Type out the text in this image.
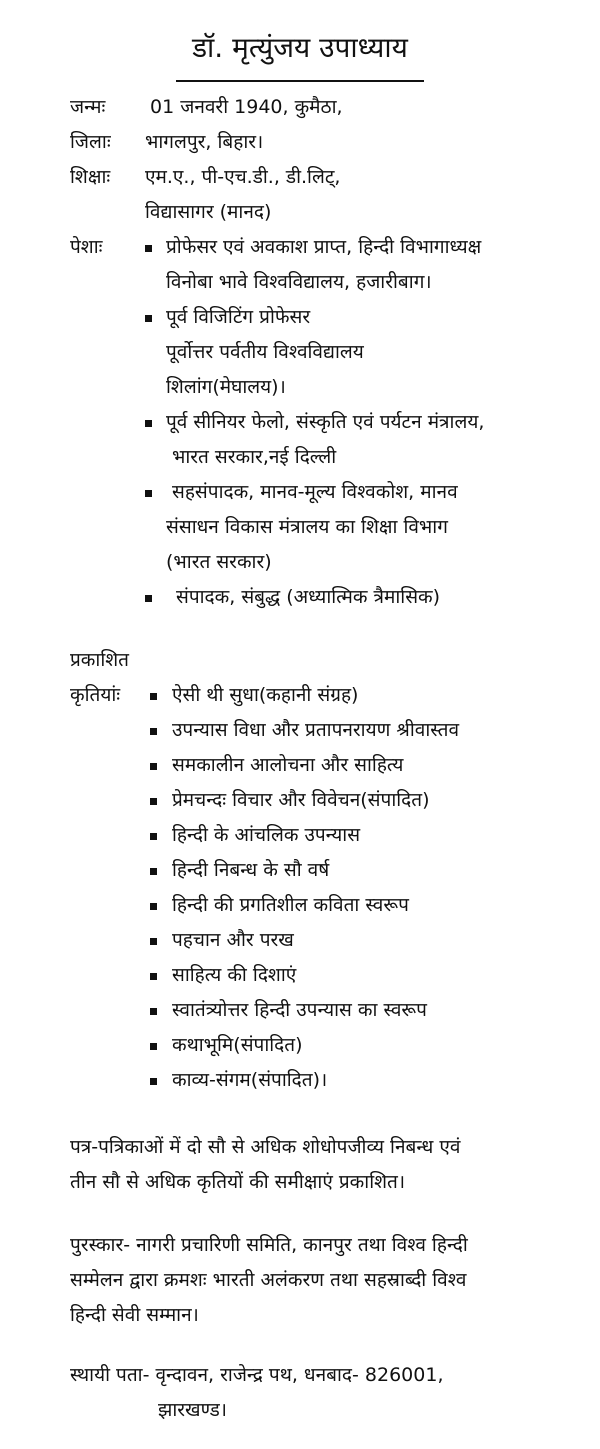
डॉ. मृत्युंजय उपाध्याय
जन्मः 01 जनवरी 1940, कुमैठा,
जिलाः भागलपुर, बिहार।
शिक्षाः एम.ए., पी-एच.डी., डी.लिट्,
विद्यासागर (मानद)
पेशाः	प्रोफेसर एवं अवकाश प्राप्त, हिन्दी विभागाध्यक्ष
विनोबा भावे विश्वविद्यालय, हजारीबाग।
पूर्व विजिटिंग प्रोफेसर
पूर्वोत्तर पर्वतीय विश्वविद्यालय
शिलांग(मेघालय)।
पूर्व सीनियर फेलो, संस्कृति एवं पर्यटन मंत्रालय,
भारत सरकार,नई दिल्ली
सहसंपादक, मानव-मूल्य विश्वकोश, मानव
संसाधन विकास मंत्रालय का शिक्षा विभाग
(भारत सरकार)
संपादक, संबुद्ध (अध्यात्मिक त्रैमासिक)
प्रकाशित
कृतियांः	ऐसी थी सुधा(कहानी संग्रह)
उपन्यास विधा और प्रतापनरायण श्रीवास्तव
समकालीन आलोचना और साहित्य
प्रेमचन्दः विचार और विवेचन(संपादित)
हिन्दी के आंचलिक उपन्यास
हिन्दी निबन्ध के सौ वर्ष
हिन्दी की प्रगतिशील कविता स्वरूप
पहचान और परख
साहित्य की दिशाएं
स्वातंत्र्योत्तर हिन्दी उपन्यास का स्वरूप
कथाभूमि(संपादित)
काव्य-संगम(संपादित)।
पत्र-पत्रिकाओं में दो सौ से अधिक शोधोपजीव्य निबन्ध एवं
तीन सौ से अधिक कृतियों की समीक्षाएं प्रकाशित।
पुरस्कार- नागरी प्रचारिणी समिति, कानपुर तथा विश्व हिन्दी
सम्मेलन द्वारा क्रमशः भारती अलंकरण तथा सहस्राब्दी विश्व
हिन्दी सेवी सम्मान।
स्थायी पता- वृन्दावन, राजेन्द्र पथ, धनबाद- 826001,
झारखण्ड।
